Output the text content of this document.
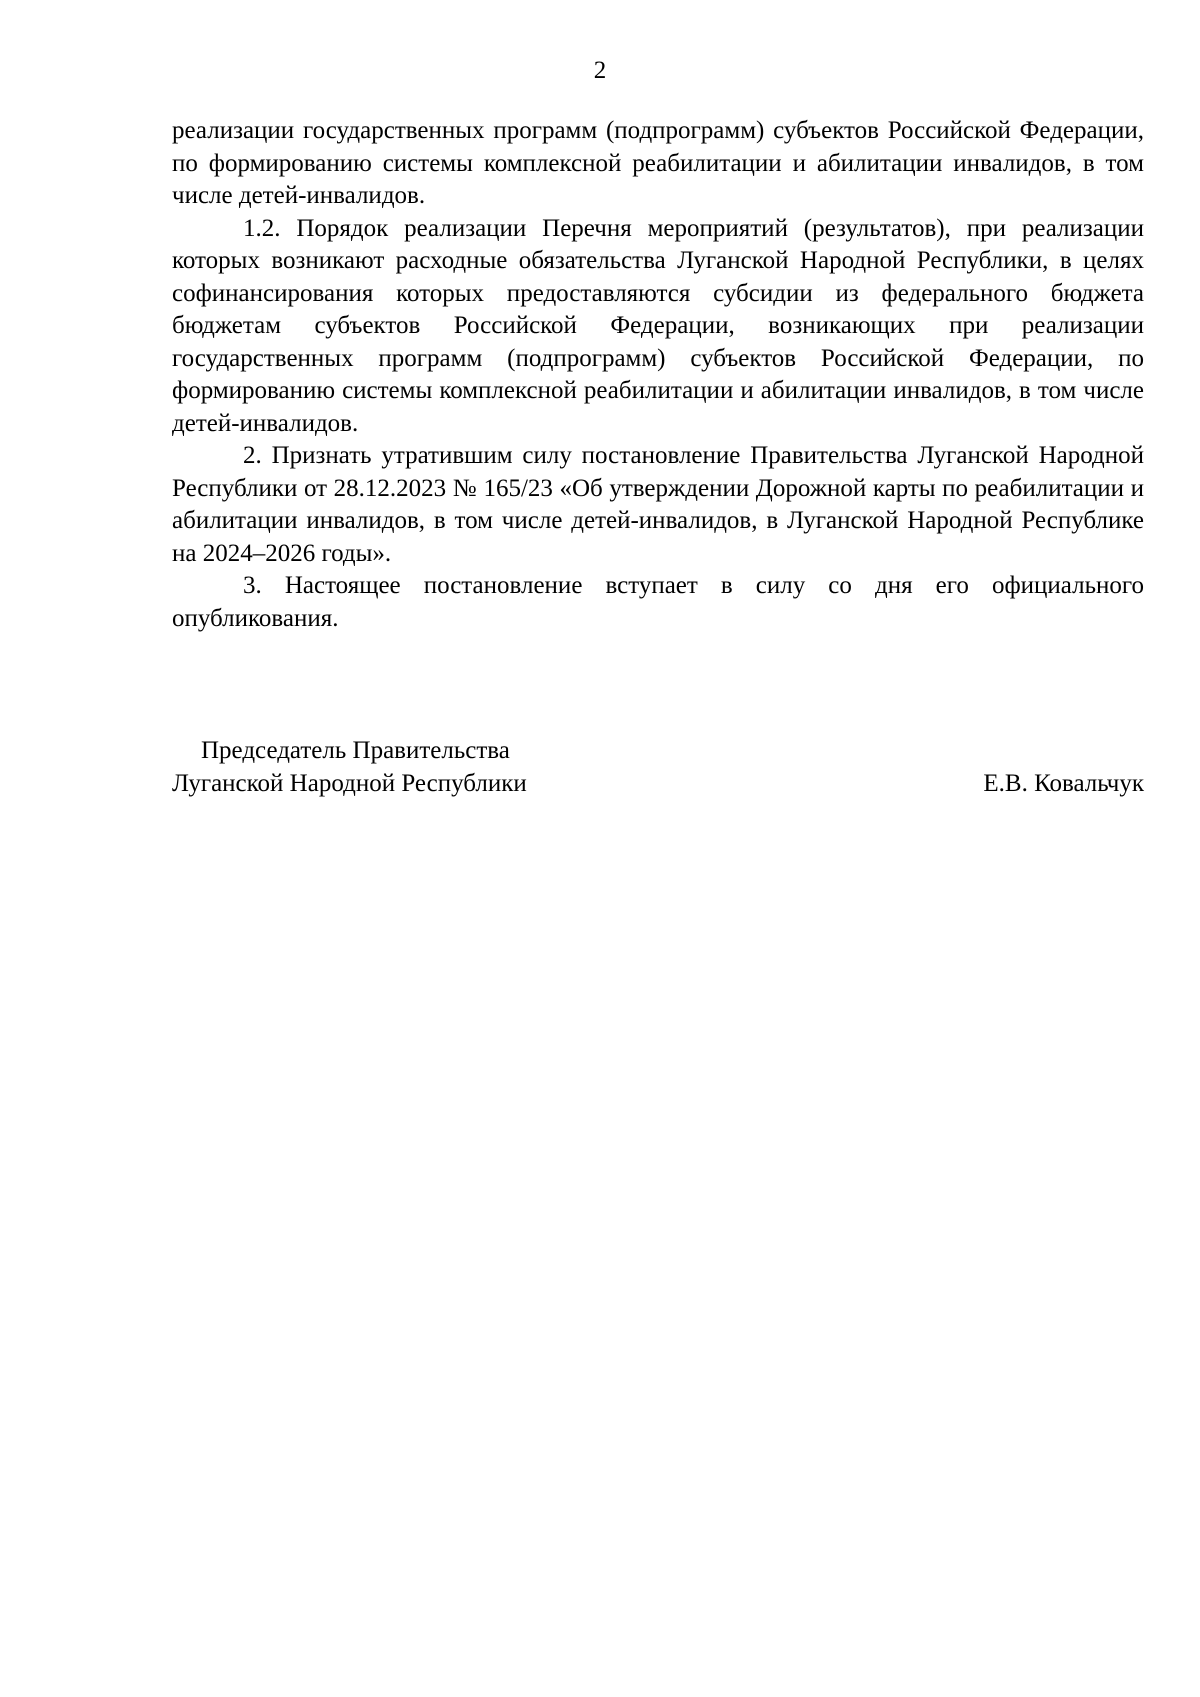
2

реализации государственных программ (подпрограмм) субъектов Российской Федерации, по формированию системы комплексной реабилитации и абилитации инвалидов, в том числе детей-инвалидов.

1.2. Порядок реализации Перечня мероприятий (результатов), при реализации которых возникают расходные обязательства Луганской Народной Республики, в целях софинансирования которых предоставляются субсидии из федерального бюджета бюджетам субъектов Российской Федерации, возникающих при реализации государственных программ (подпрограмм) субъектов Российской Федерации, по формированию системы комплексной реабилитации и абилитации инвалидов, в том числе детей-инвалидов.

2. Признать утратившим силу постановление Правительства Луганской Народной Республики от 28.12.2023 № 165/23 «Об утверждении Дорожной карты по реабилитации и абилитации инвалидов, в том числе детей-инвалидов, в Луганской Народной Республике на 2024–2026 годы».

3. Настоящее постановление вступает в силу со дня его официального опубликования.

Председатель Правительства
Луганской Народной Республики	Е.В. Ковальчук
